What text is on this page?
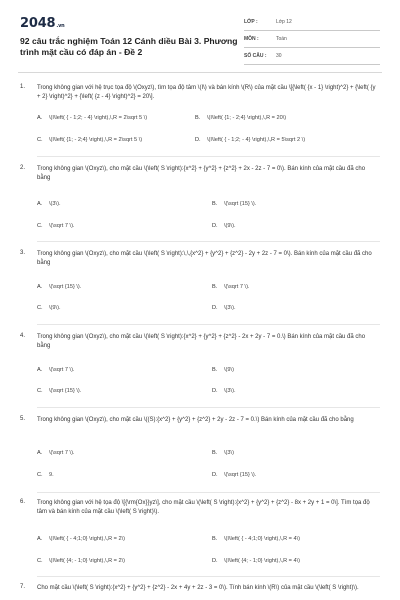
2048.vn
92 câu trắc nghiệm Toán 12 Cánh diều Bài 3. Phương trình mặt cầu có đáp án - Đề 2
LỚP :	Lớp 12
MÔN :	Toán
SỐ CÂU : 30
1. Trong không gian với hệ trục tọa độ \(Oxyz\), tìm tọa độ tâm \(I\) và bán kính \(R\) của mặt cầu \[{\left( {x - 1} \right)^2} + {\left( {y + 2} \right)^2} + {\left( {z - 4} \right)^2} = 20\].
A. \(I\left( { - 1;2; - 4} \right),\,R = 2\sqrt 5 \)	B. \(I\left( {1; - 2;4} \right),\,R = 20\)
C. \(I\left( {1; - 2;4} \right),\,R = 2\sqrt 5 \)	D. \(I\left( { - 1;2; - 4} \right),\,R = 5\sqrt 2 \)
2. Trong không gian \(Oxyz\), cho mặt cầu \(\left( S \right):{x^2} + {y^2} + {z^2} + 2x - 2z - 7 = 0\). Bán kính của mặt cầu đã cho bằng
A. \(3\).	B. \(\sqrt {15} \).
C. \(\sqrt 7 \).	D. \(9\).
3. Trong không gian \(Oxyz\), cho mặt cầu \(\left( S \right):\,\,{x^2} + {y^2} + {z^2} - 2y + 2z - 7 = 0\). Bán kính của mặt cầu đã cho bằng
A. \(\sqrt {15} \).	B. \(\sqrt 7 \).
C. \(9\).	D. \(3\).
4. Trong không gian \(Oxyz\), cho mặt cầu \(\left( S \right):{x^2} + {y^2} + {z^2} - 2x + 2y - 7 = 0.\) Bán kính của mặt cầu đã cho bằng
A. \(\sqrt 7 \).	B. \(9\)
C. \(\sqrt {15} \).	D. \(3\).
5. Trong không gian \(Oxyz\), cho mặt cầu \((S):{x^2} + {y^2} + {z^2} + 2y - 2z - 7 = 0.\) Bán kính của mặt cầu đã cho bằng
A. \(\sqrt 7 \).	B. \(3\)
C. 9.	D. \(\sqrt {15} \).
6. Trong không gian với hệ tọa độ \[{\rm{Ox}}yz\], cho mặt cầu \(\left( S \right):{x^2} + {y^2} + {z^2} - 8x + 2y + 1 = 0\]. Tìm tọa độ tâm và bán kính của mặt cầu \(\left( S \right)\).
A. \(I\left( { - 4;1;0} \right),\,R = 2\)	B. \(I\left( { - 4;1;0} \right),\,R = 4\)
C. \(I\left( {4; - 1;0} \right),\,R = 2\)	D. \(I\left( {4; - 1;0} \right),\,R = 4\)
7. Cho mặt cầu \(\left( S \right):{x^2} + {y^2} + {z^2} - 2x + 4y + 2z - 3 = 0\). Tính bán kính \(R\) của mặt cầu \(\left( S \right)\).
